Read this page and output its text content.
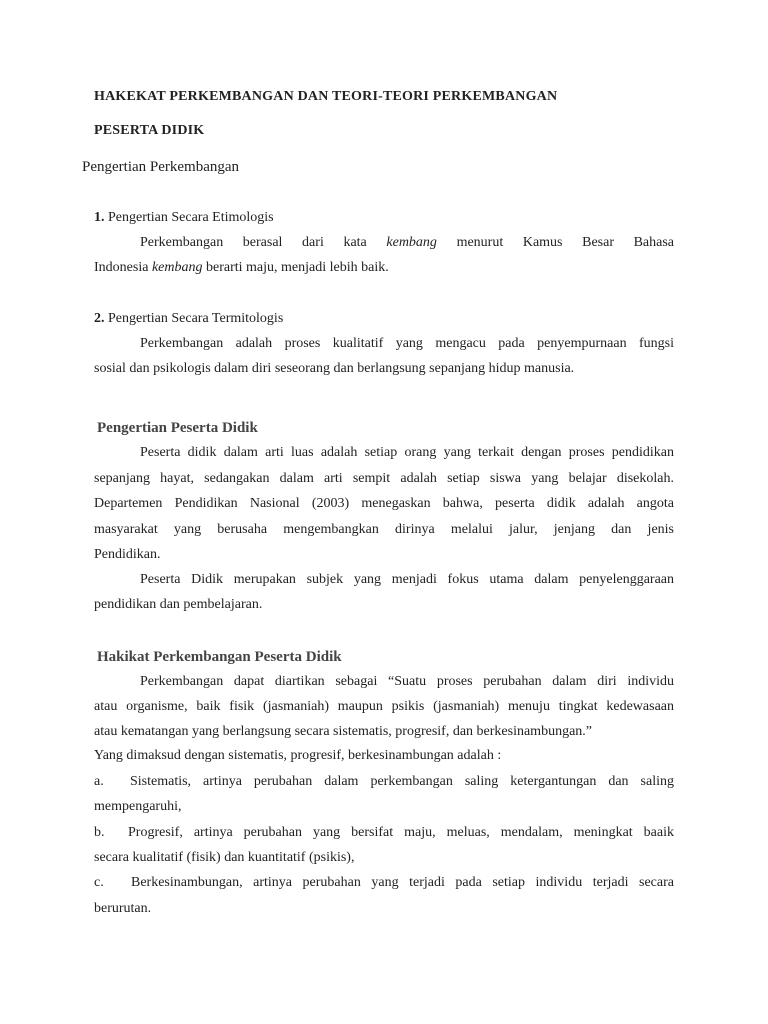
HAKEKAT PERKEMBANGAN DAN TEORI-TEORI PERKEMBANGAN
PESERTA DIDIK
Pengertian Perkembangan
1. Pengertian Secara Etimologis
Perkembangan berasal dari kata kembang menurut Kamus Besar Bahasa
Indonesia kembang berarti maju, menjadi lebih baik.
2. Pengertian Secara Termitologis
Perkembangan adalah proses kualitatif yang mengacu pada penyempurnaan fungsi
sosial dan psikologis dalam diri seseorang dan berlangsung sepanjang hidup manusia.
Pengertian Peserta Didik
Peserta didik dalam arti luas adalah setiap orang yang terkait dengan proses pendidikan
sepanjang hayat, sedangakan dalam arti sempit adalah setiap siswa yang belajar disekolah.
Departemen Pendidikan Nasional (2003) menegaskan bahwa, peserta didik adalah angota
masyarakat yang berusaha mengembangkan dirinya melalui jalur, jenjang dan jenis
Pendidikan.
Peserta Didik merupakan subjek yang menjadi fokus utama dalam penyelenggaraan
pendidikan dan pembelajaran.
Hakikat Perkembangan Peserta Didik
Perkembangan dapat diartikan sebagai “Suatu proses perubahan dalam diri individu
atau organisme, baik fisik (jasmaniah) maupun psikis (jasmaniah) menuju tingkat kedewasaan
atau kematangan yang berlangsung secara sistematis, progresif, dan berkesinambungan.”
Yang dimaksud dengan sistematis, progresif, berkesinambungan adalah :
a. Sistematis, artinya perubahan dalam perkembangan saling ketergantungan dan saling
mempengaruhi,
b. Progresif, artinya perubahan yang bersifat maju, meluas, mendalam, meningkat baaik
secara kualitatif (fisik) dan kuantitatif (psikis),
c. Berkesinambungan, artinya perubahan yang terjadi pada setiap individu terjadi secara
berurutan.
